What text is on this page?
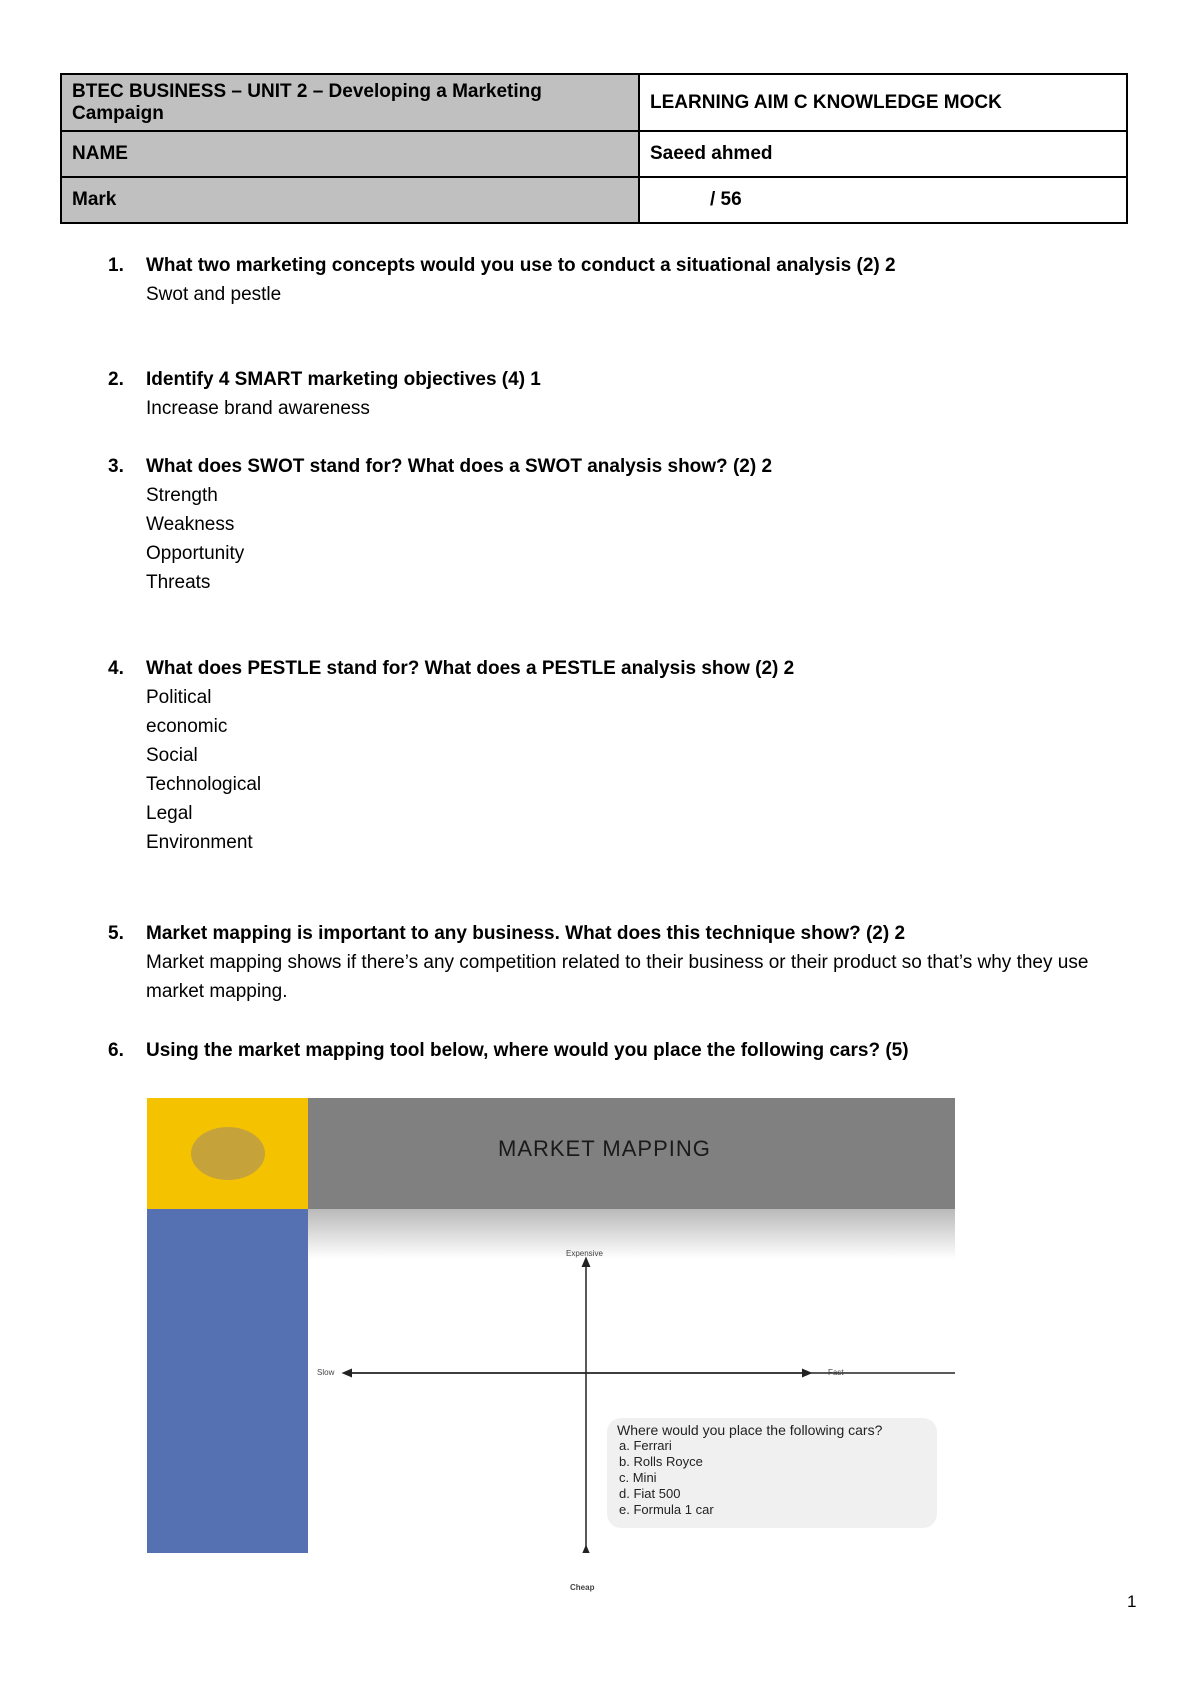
BTEC BUSINESS – UNIT 2 – Developing a Marketing Campaign	LEARNING AIM C KNOWLEDGE MOCK
NAME	Saeed ahmed
Mark	/ 56
1.	What two marketing concepts would you use to conduct a situational analysis (2) 2
Swot and pestle
2.	Identify 4 SMART marketing objectives (4) 1
Increase brand awareness
3.	What does SWOT stand for? What does a SWOT analysis show? (2) 2
Strength
Weakness
Opportunity
Threats
4.	What does PESTLE stand for? What does a PESTLE analysis show (2) 2
Political
economic
Social
Technological
Legal
Environment
5.	Market mapping is important to any business. What does this technique show? (2) 2
Market mapping shows if there’s any competition related to their business or their product so that’s why they use market mapping.
6.	Using the market mapping tool below, where would you place the following cars? (5)
MARKET MAPPING
Expensive
Cheap
Slow	Fast
Where would you place the following cars?
a. Ferrari
b. Rolls Royce
c. Mini
d. Fiat 500
e. Formula 1 car
1
